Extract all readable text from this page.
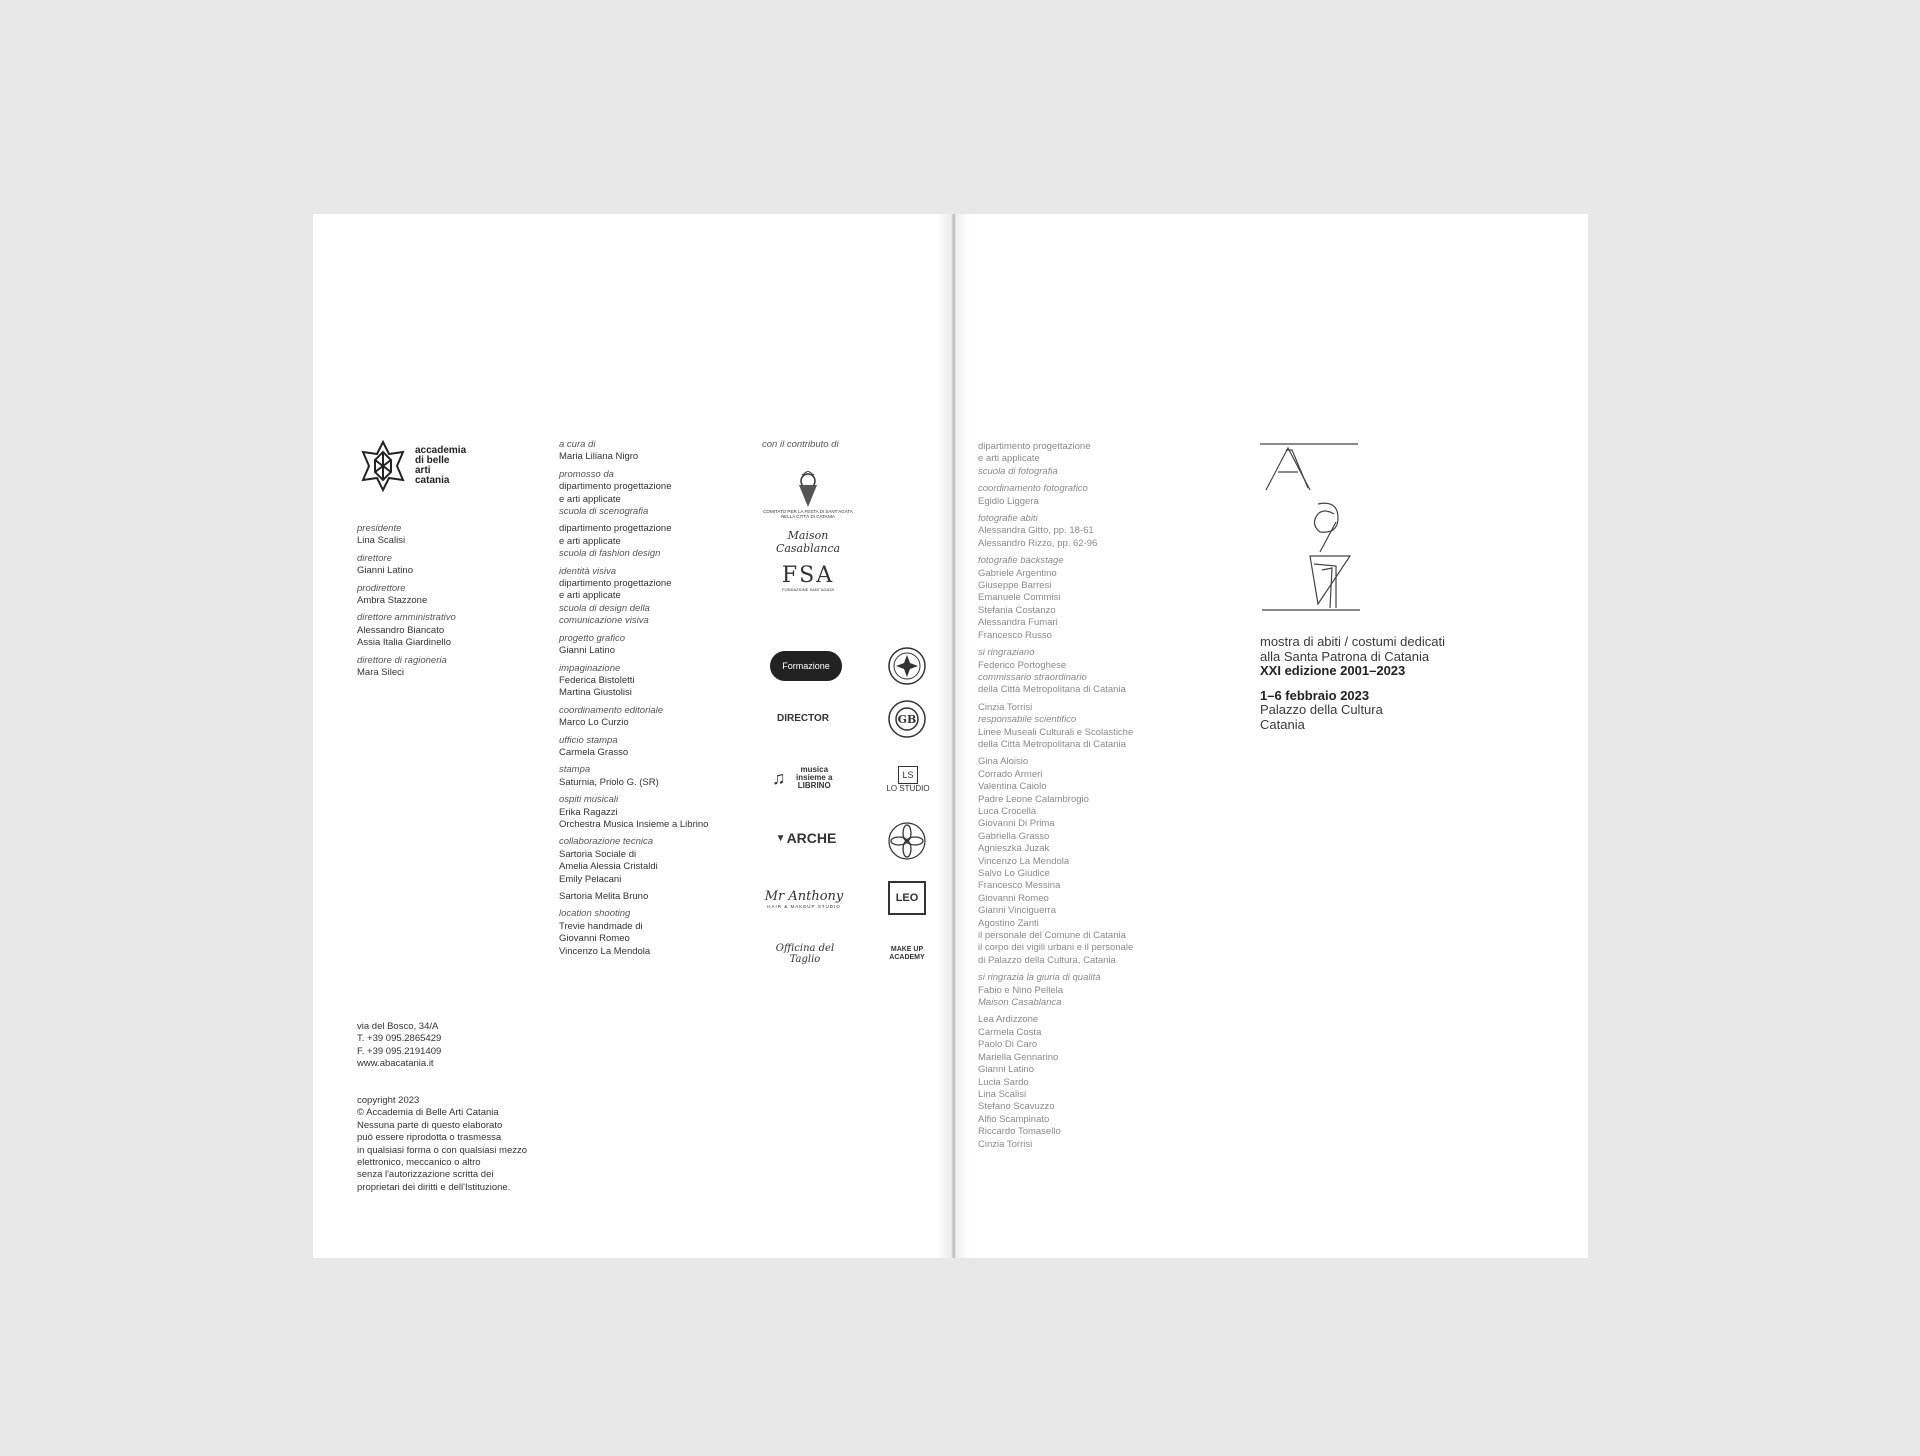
accademia
di belle
arti
catania
presidente
Lina Scalisi
direttore
Gianni Latino
prodirettore
Ambra Stazzone
direttore amministrativo
Alessandro Biancato
Assia Italia Giardinello
direttore di ragioneria
Mara Sileci
via del Bosco, 34/A
T. +39 095.2865429
F. +39 095.2191409
www.abacatania.it
copyright 2023
© Accademia di Belle Arti Catania
Nessuna parte di questo elaborato
può essere riprodotta o trasmessa
in qualsiasi forma o con qualsiasi mezzo
elettronico, meccanico o altro
senza l'autorizzazione scritta dei
proprietari dei diritti e dell'Istituzione.
a cura di
Maria Liliana Nigro
promosso da
dipartimento progettazione
e arti applicate
scuola di scenografia
dipartimento progettazione
e arti applicate
scuola di fashion design
identità visiva
dipartimento progettazione
e arti applicate
scuola di design della
comunicazione visiva
progetto grafico
Gianni Latino
impaginazione
Federica Bistoletti
Martina Giustolisi
coordinamento editoriale
Marco Lo Curzio
ufficio stampa
Carmela Grasso
stampa
Saturnia, Priolo G. (SR)
ospiti musicali
Erika Ragazzi
Orchestra Musica Insieme a Librino
collaborazione tecnica
Sartoria Sociale di
Amelia Alessia Cristaldi
Emily Pelacani
Sartoria Melita Bruno
location shooting
Trevie handmade di
Giovanni Romeo
Vincenzo La Mendola
con il contributo di
COMITATO PER LA FESTA DI SANT'AGATA NELLA CITTÀ DI CATANIA
Maison Casablanca
FSA
FONDAZIONE SANT'AGATA
Formazione
DIRECTOR	GB
♫	musica insieme a LIBRINO
LS
LO STUDIO
▼ ARCHE
Mr Anthony
HAIR & MAKEUP STUDIO
LEO
Officina del Taglio
MAKE UP ACADEMY
dipartimento progettazione
e arti applicate
scuola di fotografia
coordinamento fotografico
Egidio Liggera
fotografie abiti
Alessandra Gitto, pp. 18-61
Alessandro Rizzo, pp. 62-96
fotografie backstage
Gabriele Argentino
Giuseppe Barresi
Emanuele Commisi
Stefania Costanzo
Alessandra Fumari
Francesco Russo
si ringraziano
Federico Portoghese
commissario straordinario
della Città Metropolitana di Catania
Cinzia Torrisi
responsabile scientifico
Linee Museali Culturali e Scolastiche
della Città Metropolitana di Catania
Gina Aloisio
Corrado Armeri
Valentina Caiolo
Padre Leone Calambrogio
Luca Crocellà
Giovanni Di Prima
Gabriella Grasso
Agnieszka Juzak
Vincenzo La Mendola
Salvo Lo Giudice
Francesco Messina
Giovanni Romeo
Gianni Vinciguerra
Agostino Zanti
il personale del Comune di Catania
il corpo dei vigili urbani e il personale
di Palazzo della Cultura, Catania
si ringrazia la giuria di qualità
Fabio e Nino Pellela
Maison Casablanca
Lea Ardizzone
Carmela Costa
Paolo Di Caro
Mariella Gennarino
Gianni Latino
Lucia Sardo
Lina Scalisi
Stefano Scavuzzo
Alfio Scampinato
Riccardo Tomasello
Cinzia Torrisi
mostra di abiti / costumi dedicati
alla Santa Patrona di Catania
XXI edizione 2001–2023
1–6 febbraio 2023
Palazzo della Cultura
Catania
